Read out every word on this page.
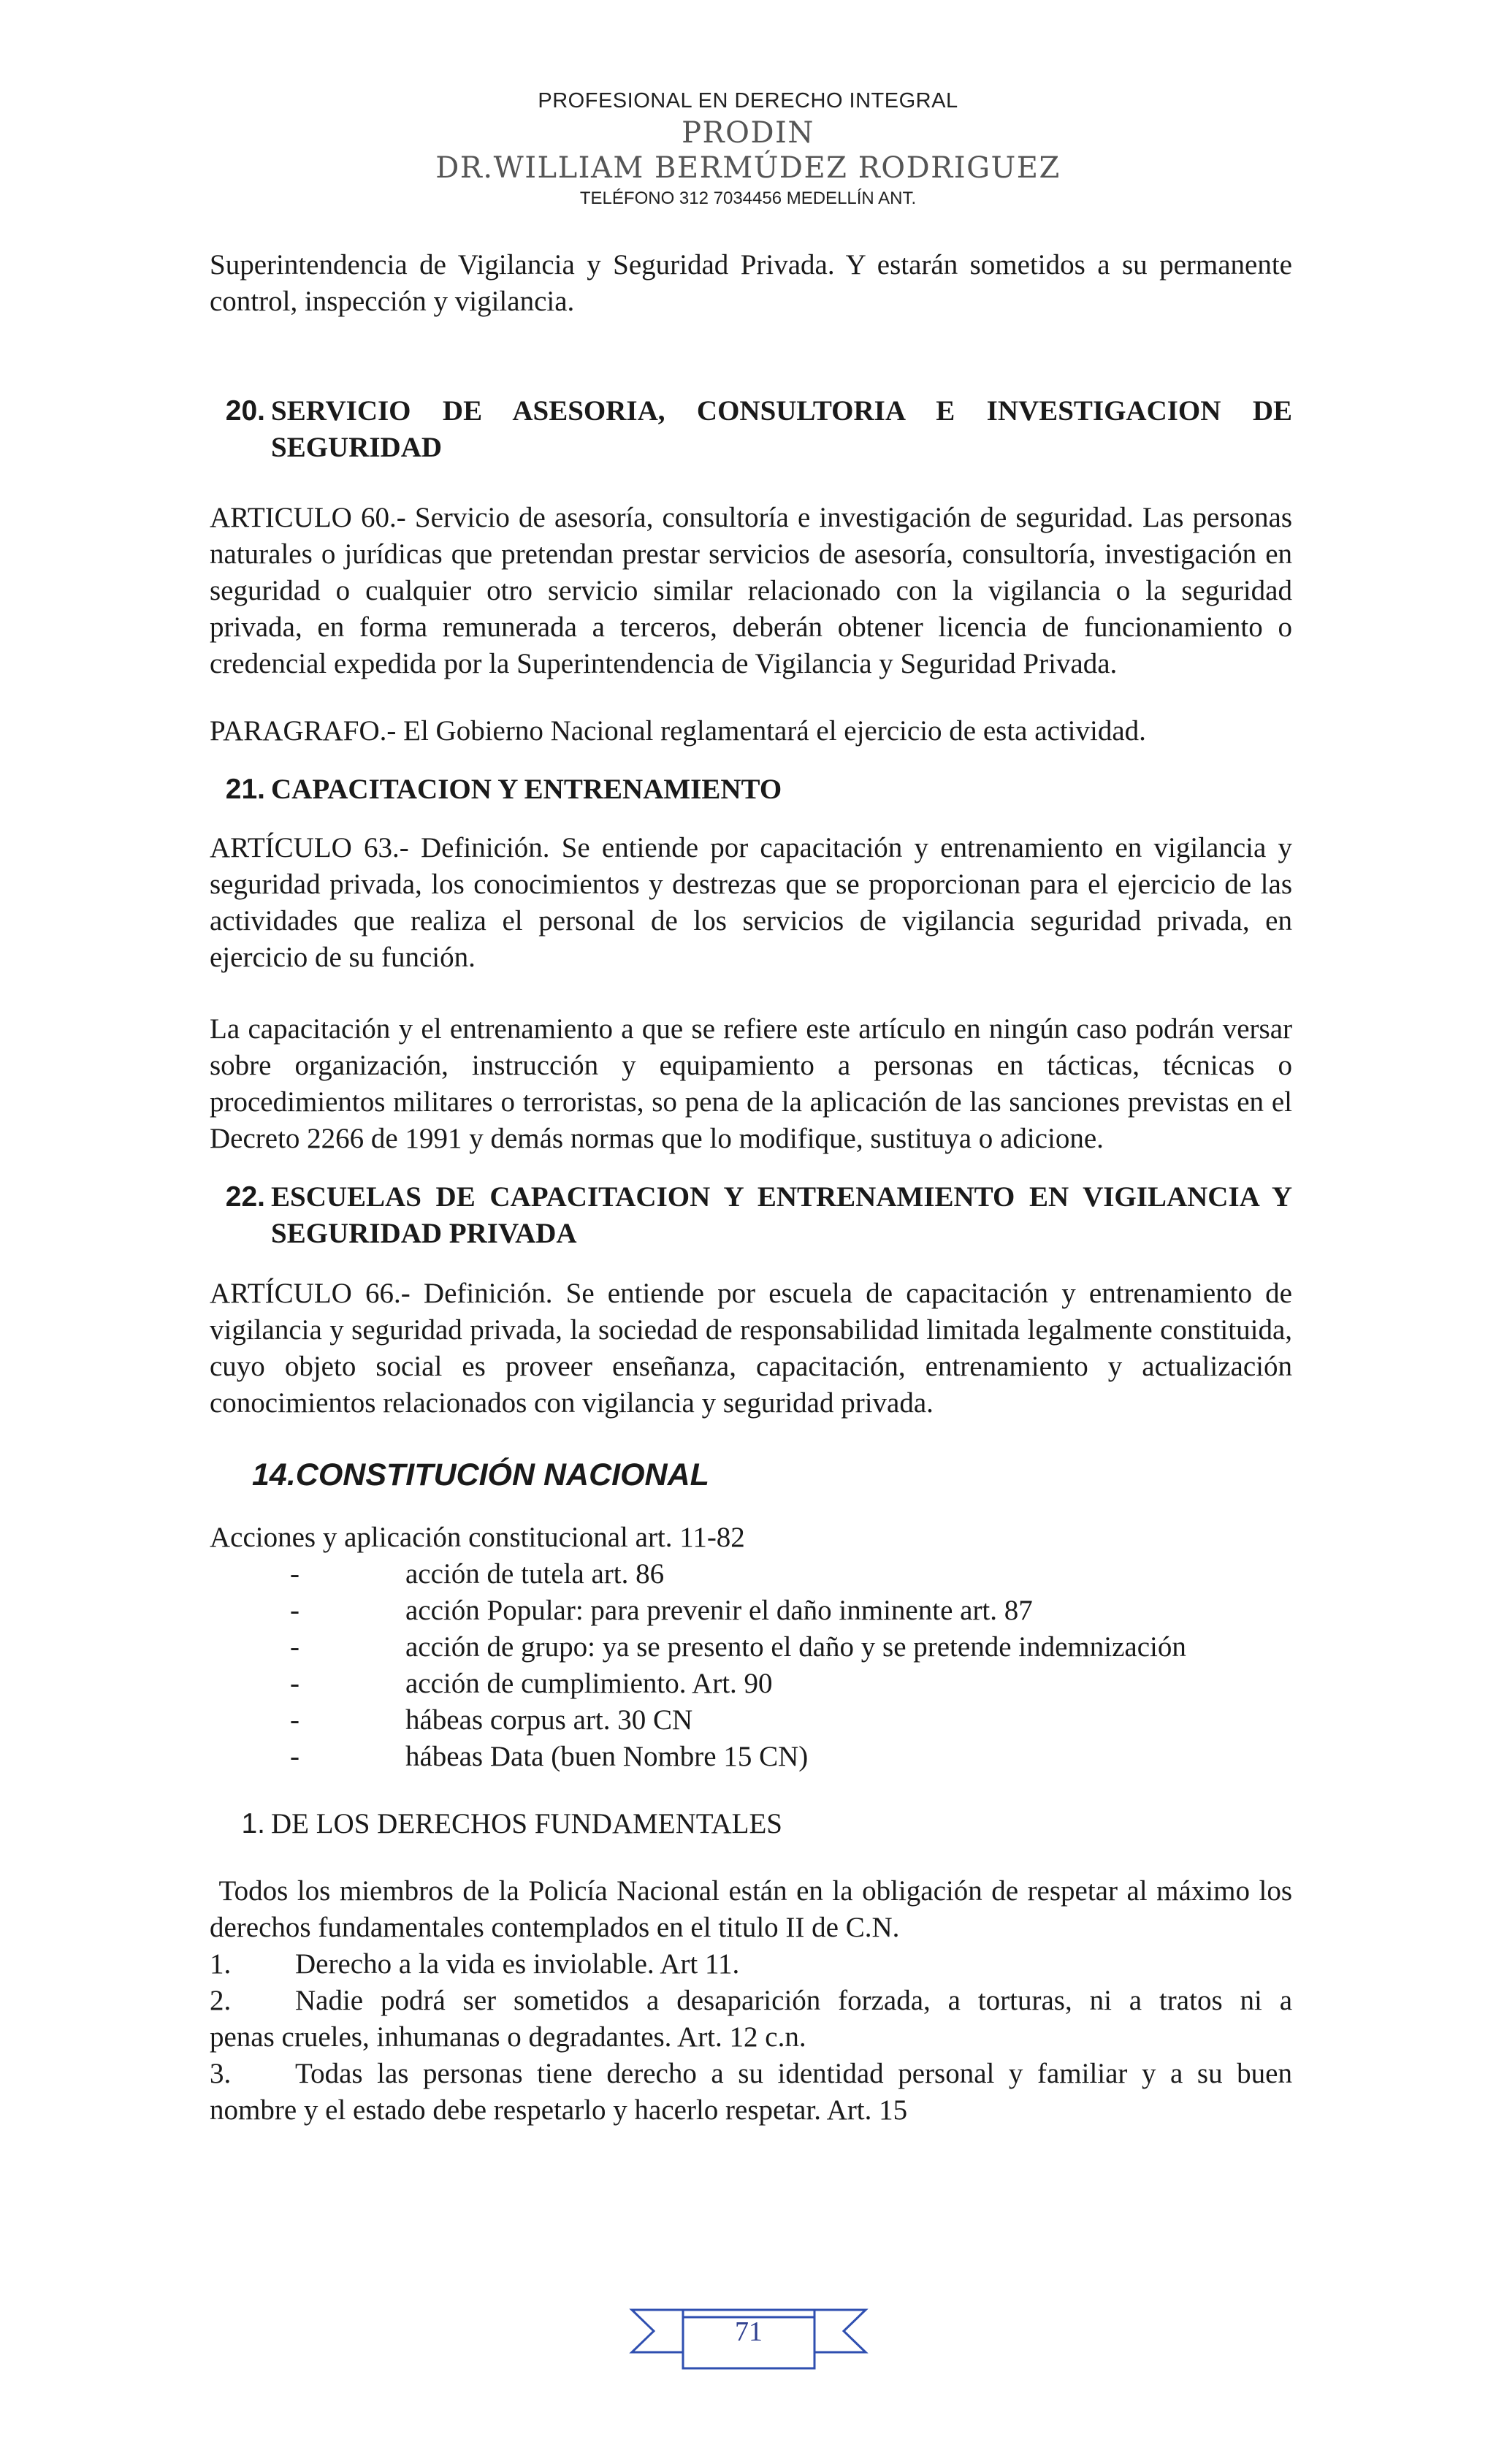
PROFESIONAL EN DERECHO INTEGRAL
PRODIN
DR.WILLIAM BERMÚDEZ RODRIGUEZ
TELÉFONO 312 7034456 MEDELLÍN ANT.

Superintendencia de Vigilancia y Seguridad Privada. Y estarán sometidos a su permanente control, inspección y vigilancia.

20. SERVICIO DE ASESORIA, CONSULTORIA E INVESTIGACION DE SEGURIDAD

ARTICULO 60.- Servicio de asesoría, consultoría e investigación de seguridad. Las personas naturales o jurídicas que pretendan prestar servicios de asesoría, consultoría, investigación en seguridad o cualquier otro servicio similar relacionado con la vigilancia o la seguridad privada, en forma remunerada a terceros, deberán obtener licencia de funcionamiento o credencial expedida por la Superintendencia de Vigilancia y Seguridad Privada.

PARAGRAFO.- El Gobierno Nacional reglamentará el ejercicio de esta actividad.

21. CAPACITACION Y ENTRENAMIENTO

ARTÍCULO 63.- Definición. Se entiende por capacitación y entrenamiento en vigilancia y seguridad privada, los conocimientos y destrezas que se proporcionan para el ejercicio de las actividades que realiza el personal de los servicios de vigilancia seguridad privada, en ejercicio de su función.

La capacitación y el entrenamiento a que se refiere este artículo en ningún caso podrán versar sobre organización, instrucción y equipamiento a personas en tácticas, técnicas o procedimientos militares o terroristas, so pena de la aplicación de las sanciones previstas en el Decreto 2266 de 1991 y demás normas que lo modifique, sustituya o adicione.

22. ESCUELAS DE CAPACITACION Y ENTRENAMIENTO EN VIGILANCIA Y SEGURIDAD PRIVADA

ARTÍCULO 66.- Definición. Se entiende por escuela de capacitación y entrenamiento de vigilancia y seguridad privada, la sociedad de responsabilidad limitada legalmente constituida, cuyo objeto social es proveer enseñanza, capacitación, entrenamiento y actualización conocimientos relacionados con vigilancia y seguridad privada.

14.CONSTITUCIÓN NACIONAL

Acciones y aplicación constitucional art. 11-82

-	acción de tutela art. 86
-	acción Popular: para prevenir el daño inminente art. 87
-	acción de grupo: ya se presento el daño y se pretende indemnización
-	acción de cumplimiento. Art. 90
-	hábeas corpus art. 30 CN
-	hábeas Data (buen Nombre 15 CN)
1. DE LOS DERECHOS FUNDAMENTALES

Todos los miembros de la Policía Nacional están en la obligación de respetar al máximo los derechos fundamentales contemplados en el titulo II de C.N.

1.	Derecho a la vida es inviolable. Art 11.
2.	Nadie podrá ser sometidos a desaparición forzada, a torturas, ni a tratos ni a
penas crueles, inhumanas o degradantes. Art. 12 c.n.
3.	Todas las personas tiene derecho a su identidad personal y familiar y a su buen
nombre y el estado debe respetarlo y hacerlo respetar. Art. 15
71
